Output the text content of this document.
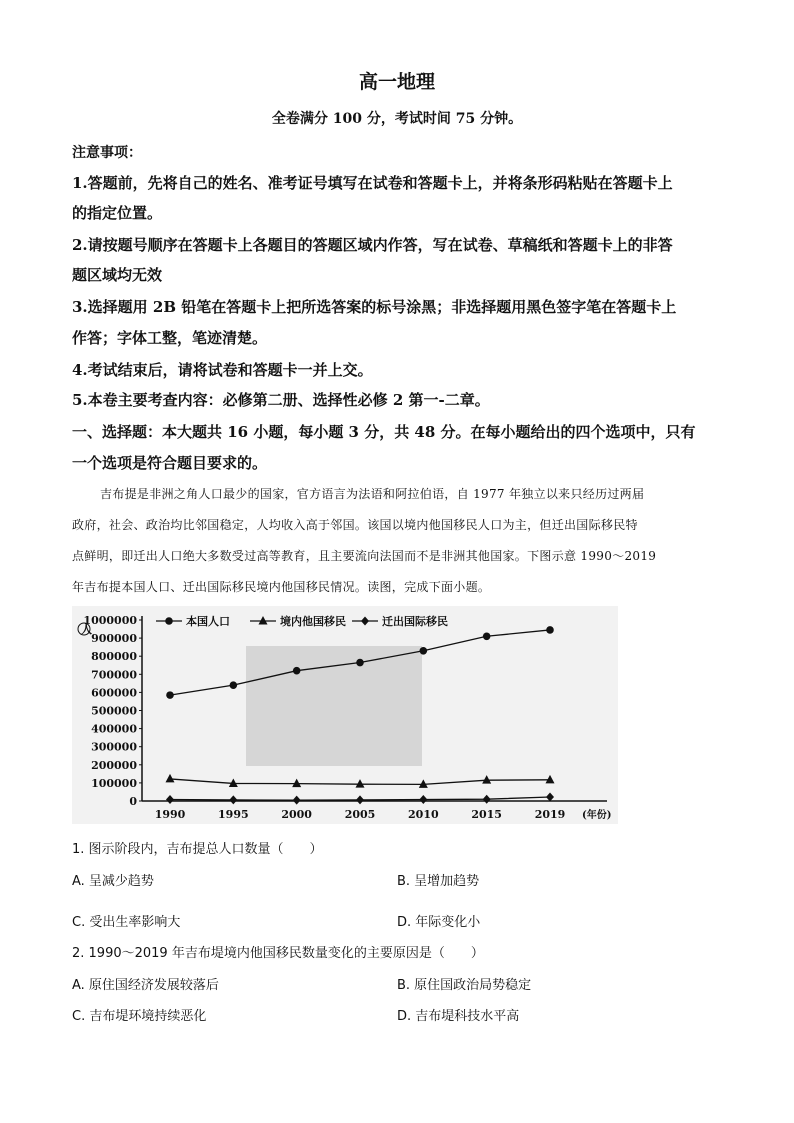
高一地理
全卷满分 100 分，考试时间 75 分钟。
注意事项：
1.答题前，先将自己的姓名、准考证号填写在试卷和答题卡上，并将条形码粘贴在答题卡上
的指定位置。
2.请按题号顺序在答题卡上各题目的答题区域内作答，写在试卷、草稿纸和答题卡上的非答
题区域均无效
3.选择题用 2B 铅笔在答题卡上把所选答案的标号涂黑；非选择题用黑色签字笔在答题卡上
作答；字体工整，笔迹清楚。
4.考试结束后，请将试卷和答题卡一并上交。
5.本卷主要考查内容：必修第二册、选择性必修 2 第一-二章。
一、选择题：本大题共 16 小题，每小题 3 分，共 48 分。在每小题给出的四个选项中，只有
一个选项是符合题目要求的。
吉布提是非洲之角人口最少的国家，官方语言为法语和阿拉伯语，自 1977 年独立以来只经历过两届
政府，社会、政治均比邻国稳定，人均收入高于邻国。该国以境内他国移民人口为主，但迁出国际移民特
点鲜明，即迁出人口绝大多数受过高等教育，且主要流向法国而不是非洲其他国家。下图示意 1990～2019
年吉布提本国人口、迁出国际移民境内他国移民情况。读图，完成下面小题。
0
100000
200000
300000
400000
500000
600000
700000
800000
900000
1000000
人
1990	1995	2000	2005	2010	2015	2019 (年份)
本国人口	境内他国移民	迁出国际移民
1. 图示阶段内，吉布提总人口数量（　　）
A. 呈减少趋势	B. 呈增加趋势
C. 受出生率影响大	D. 年际变化小
2. 1990～2019 年吉布堤境内他国移民数量变化的主要原因是（　　）
A. 原住国经济发展较落后	B. 原住国政治局势稳定
C. 吉布堤环境持续恶化	D. 吉布堤科技水平高
